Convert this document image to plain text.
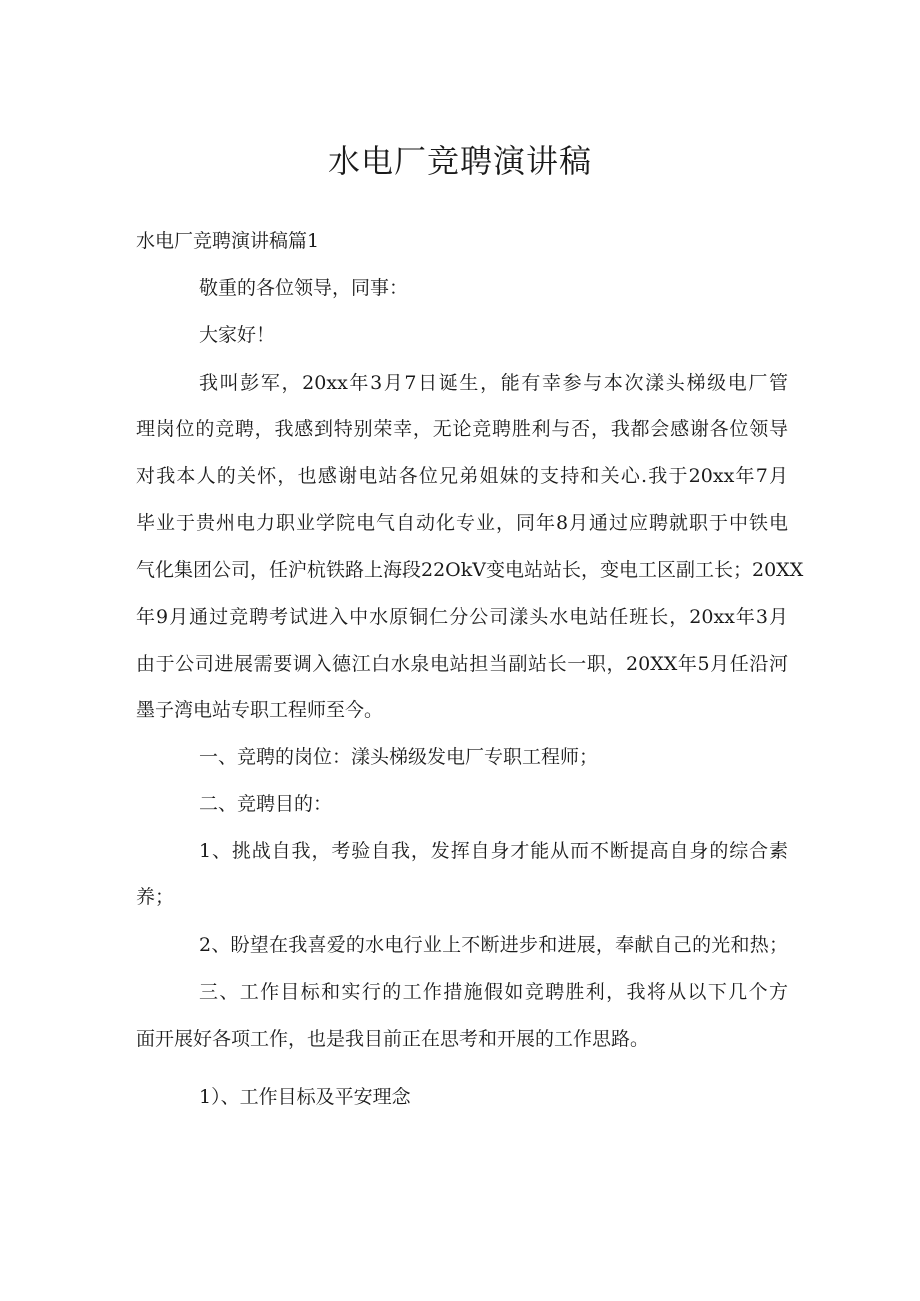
水电厂竞聘演讲稿
水电厂竞聘演讲稿篇1
敬重的各位领导，同事：
大家好！
我叫彭军，20xx年3月7日诞生，能有幸参与本次漾头梯级电厂管
理岗位的竞聘，我感到特别荣幸，无论竞聘胜利与否，我都会感谢各位领导
对我本人的关怀，也感谢电站各位兄弟姐妹的支持和关心.我于20xx年7月
毕业于贵州电力职业学院电气自动化专业，同年8月通过应聘就职于中铁电
气化集团公司，任沪杭铁路上海段22OkV变电站站长，变电工区副工长；20XX
年9月通过竞聘考试进入中水原铜仁分公司漾头水电站任班长，20xx年3月
由于公司进展需要调入德江白水泉电站担当副站长一职，20XX年5月任沿河
墨子湾电站专职工程师至今。
一、竞聘的岗位：漾头梯级发电厂专职工程师；
二、竞聘目的：
1、挑战自我，考验自我，发挥自身才能从而不断提高自身的综合素
养；
2、盼望在我喜爱的水电行业上不断进步和进展，奉献自己的光和热；
三、工作目标和实行的工作措施假如竞聘胜利，我将从以下几个方
面开展好各项工作，也是我目前正在思考和开展的工作思路。
1）、工作目标及平安理念
